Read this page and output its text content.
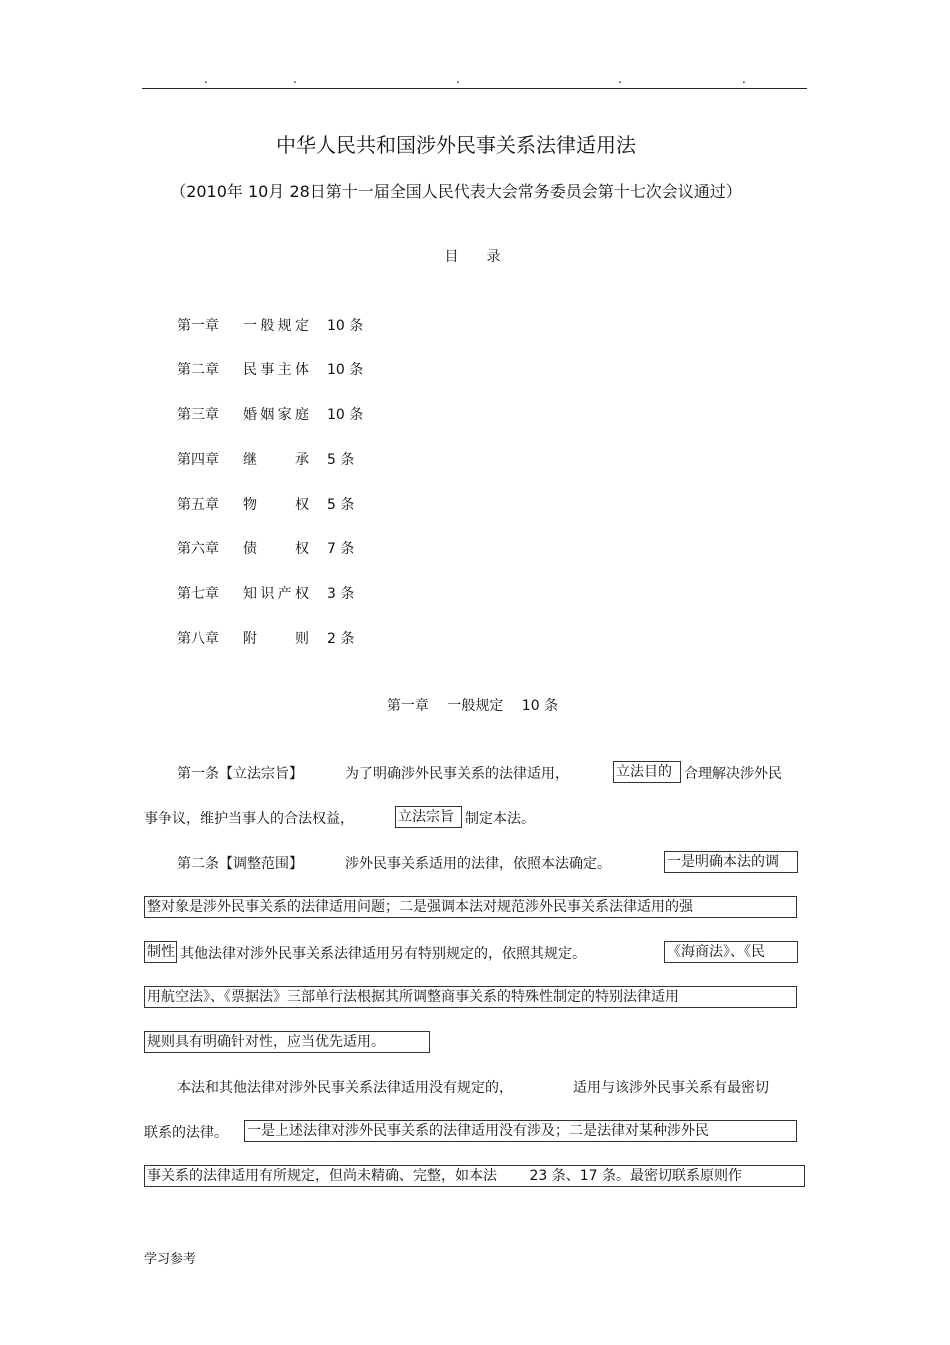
.	.	.	.	.
中华人民共和国涉外民事关系法律适用法
（2010年 10月 28日第十一届全国人民代表大会常务委员会第十七次会议通过）
目　　录
第一章 一般规定 10 条
第二章 民事主体 10 条
第三章 婚姻家庭 10 条
第四章 继承 5 条
第五章 物权 5 条
第六章 债权 7 条
第七章 知识产权 3 条
第八章 附则 2 条
第一章　 一般规定　 10 条
第一条【立法宗旨】	为了明确涉外民事关系的法律适用，	立法目的 合理解决涉外民
事争议，维护当事人的合法权益，	立法宗旨 制定本法。
第二条【调整范围】	涉外民事关系适用的法律，依照本法确定。	一是明确本法的调
整对象是涉外民事关系的法律适用问题；二是强调本法对规范涉外民事关系法律适用的强
制性 其他法律对涉外民事关系法律适用另有特别规定的，依照其规定。	《海商法》、《民
用航空法》、《票据法》三部单行法根据其所调整商事关系的特殊性制定的特别法律适用
规则具有明确针对性，应当优先适用。
本法和其他法律对涉外民事关系法律适用没有规定的，	适用与该涉外民事关系有最密切
联系的法律。 一是上述法律对涉外民事关系的法律适用没有涉及；二是法律对某种涉外民
事关系的法律适用有所规定，但尚未精确、完整，如本法　　 23 条、17 条。最密切联系原则作
学习参考
